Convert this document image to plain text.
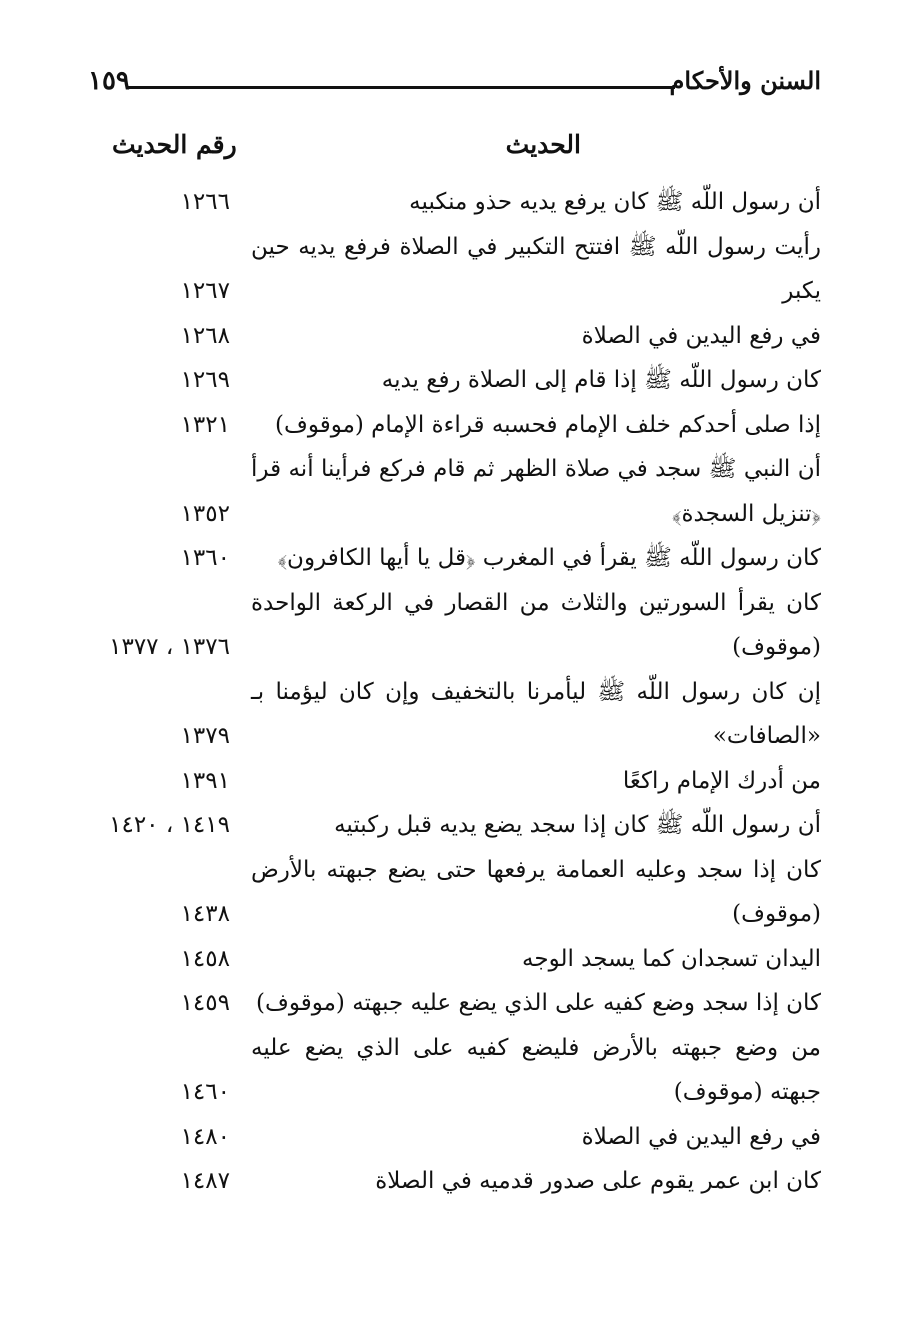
السنن والأحكام
١٥٩
الحديث
رقم الحديث
أن رسول اللّه ﷺ كان يرفع يديه حذو منكبيه
١٢٦٦
رأيت رسول اللّه ﷺ افتتح التكبير في الصلاة فرفع يديه حين يكبر
١٢٦٧
في رفع اليدين في الصلاة
١٢٦٨
كان رسول اللّه ﷺ إذا قام إلى الصلاة رفع يديه
١٢٦٩
إذا صلى أحدكم خلف الإمام فحسبه قراءة الإمام (موقوف)
١٣٢١
أن النبي ﷺ سجد في صلاة الظهر ثم قام فركع فرأينا أنه قرأ ﴿تنزيل السجدة﴾
١٣٥٢
كان رسول اللّه ﷺ يقرأ في المغرب ﴿قل يا أيها الكافرون﴾
١٣٦٠
كان يقرأ السورتين والثلاث من القصار في الركعة الواحدة (موقوف)
١٣٧٦ ، ١٣٧٧
إن كان رسول اللّه ﷺ ليأمرنا بالتخفيف وإن كان ليؤمنا بـ «الصافات»
١٣٧٩
من أدرك الإمام راكعًا
١٣٩١
أن رسول اللّه ﷺ كان إذا سجد يضع يديه قبل ركبتيه
١٤١٩ ، ١٤٢٠
كان إذا سجد وعليه العمامة يرفعها حتى يضع جبهته بالأرض (موقوف)
١٤٣٨
اليدان تسجدان كما يسجد الوجه
١٤٥٨
كان إذا سجد وضع كفيه على الذي يضع عليه جبهته (موقوف)
١٤٥٩
من وضع جبهته بالأرض فليضع كفيه على الذي يضع عليه جبهته (موقوف)
١٤٦٠
في رفع اليدين في الصلاة
١٤٨٠
كان ابن عمر يقوم على صدور قدميه في الصلاة
١٤٨٧
